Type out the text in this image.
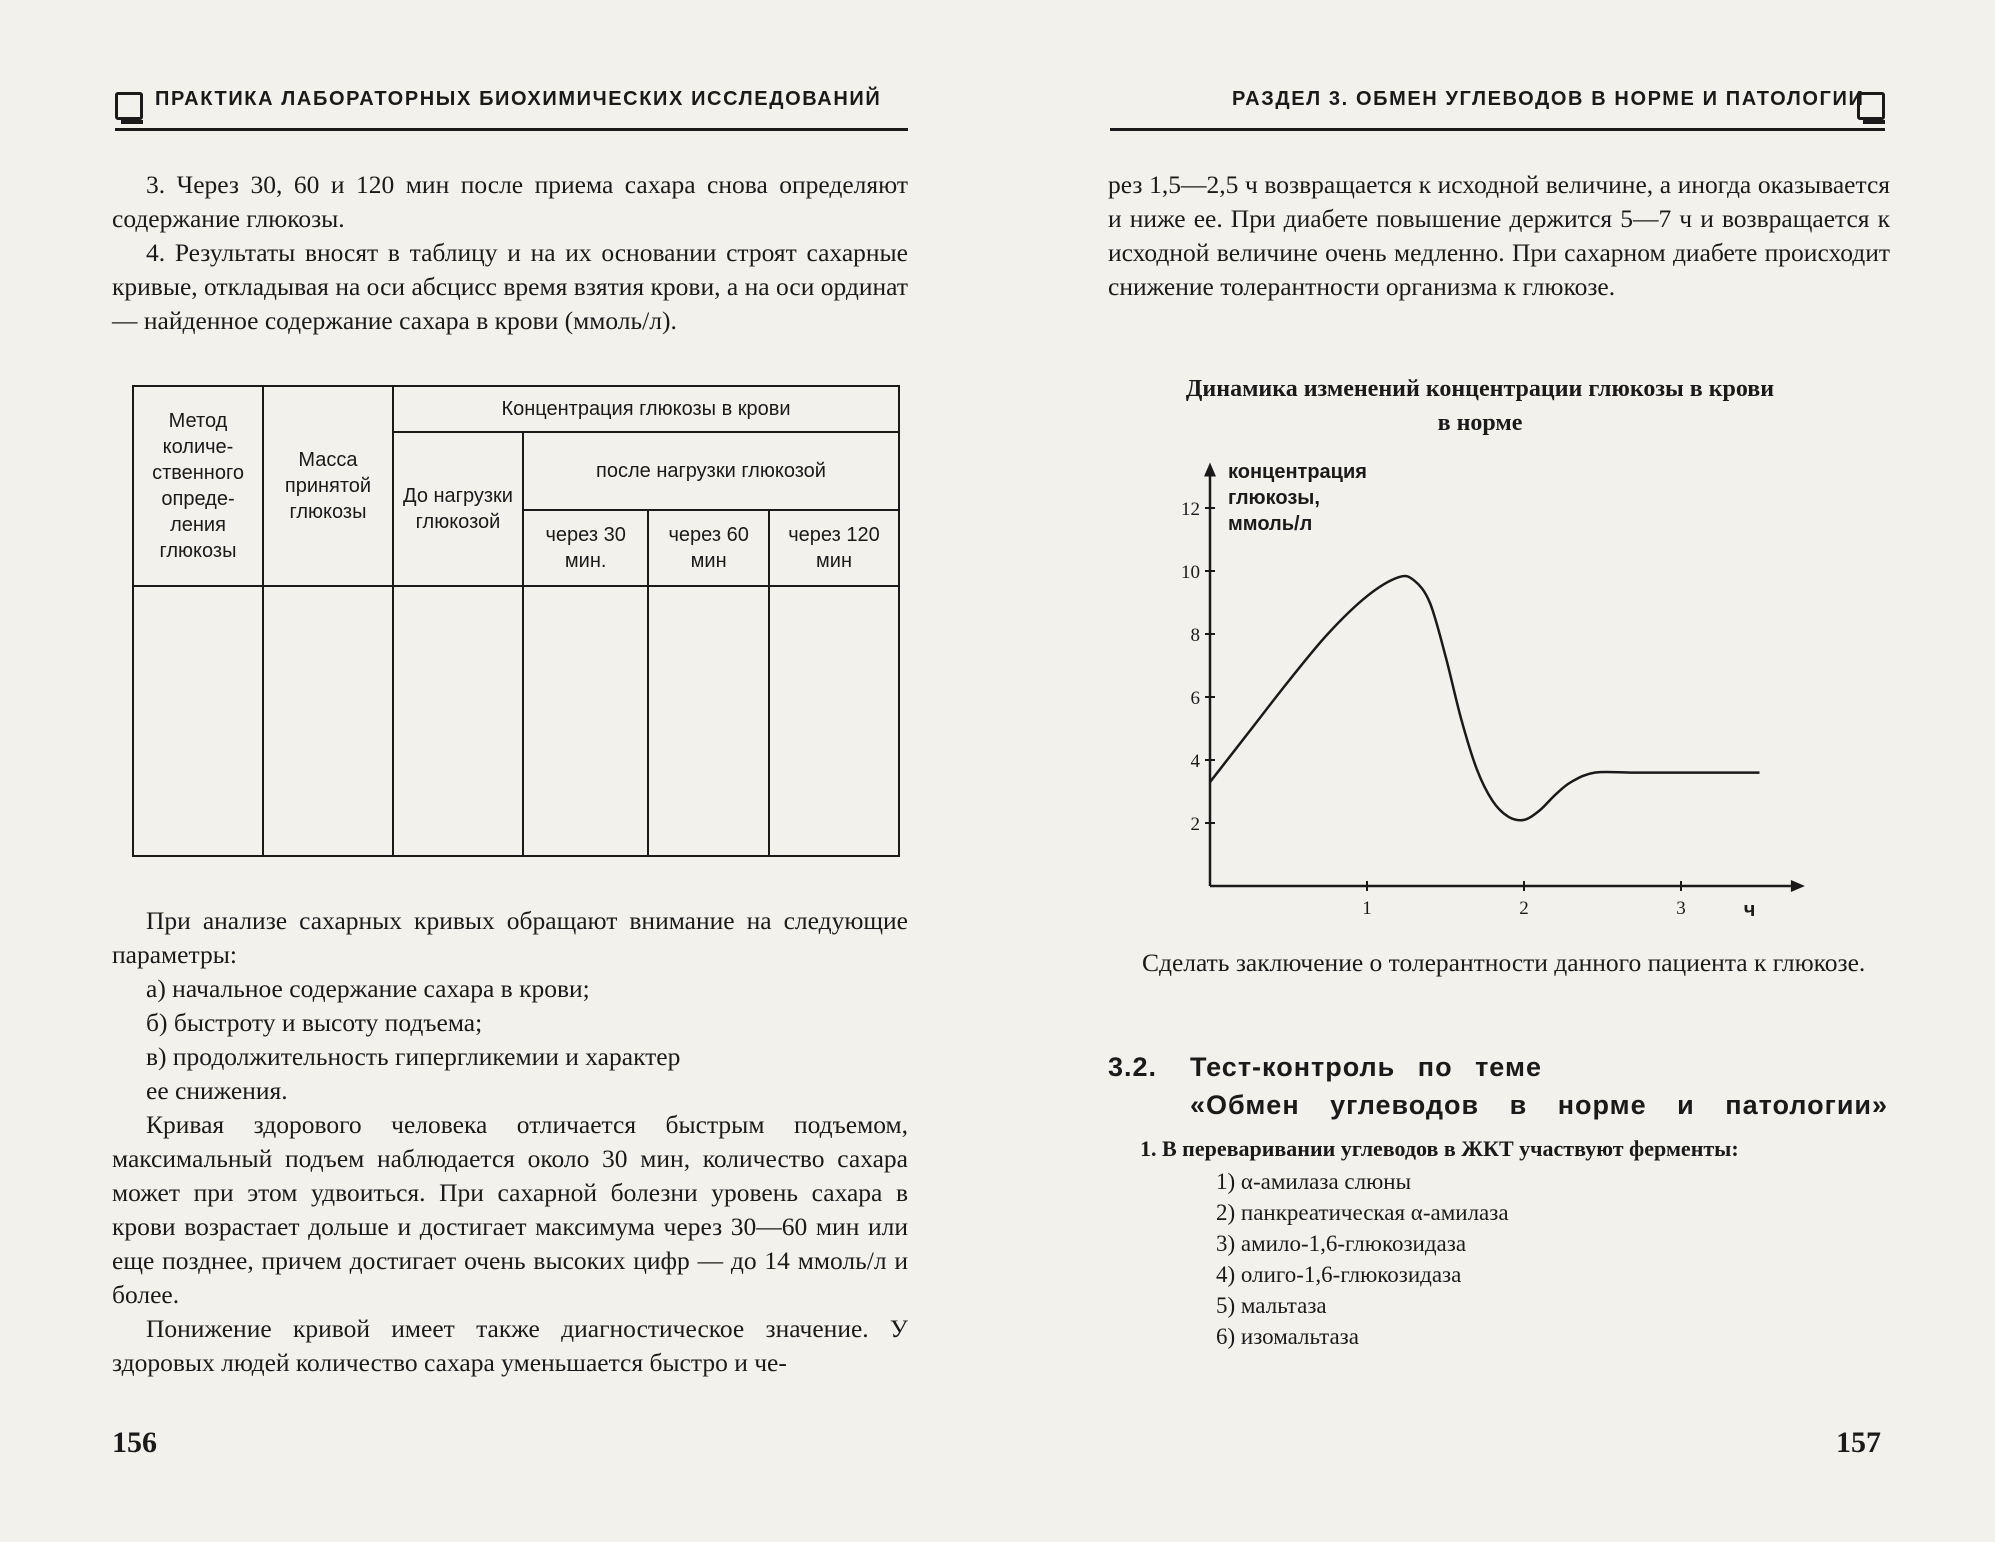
ПРАКТИКА ЛАБОРАТОРНЫХ БИОХИМИЧЕСКИХ ИССЛЕДОВАНИЙ

3. Через 30, 60 и 120 мин после приема сахара снова определяют содержание глюкозы.

4. Результаты вносят в таблицу и на их основании строят сахарные кривые, откладывая на оси абсцисс время взятия крови, а на оси ординат — найденное содержание сахара в крови (ммоль/л).

Метод количе-ственного опреде-ления глюкозы	Масса принятой глюкозы	Концентрация глюкозы в крови			
		До нагрузки глюкозой	после нагрузки глюкозой		
			через 30 мин.	через 60 мин	через 120 мин

При анализе сахарных кривых обращают внимание на следующие параметры:

а) начальное содержание сахара в крови;

б) быстроту и высоту подъема;

в) продолжительность гипергликемии и характер

ее снижения.

Кривая здорового человека отличается быстрым подъемом, максимальный подъем наблюдается около 30 мин, количество сахара может при этом удвоиться. При сахарной болезни уровень сахара в крови возрастает дольше и достигает максимума через 30—60 мин или еще позднее, причем достигает очень высоких цифр — до 14 ммоль/л и более.

Понижение кривой имеет также диагностическое значение. У здоровых людей количество сахара уменьшается быстро и че-

156
РАЗДЕЛ 3. ОБМЕН УГЛЕВОДОВ В НОРМЕ И ПАТОЛОГИИ

рез 1,5—2,5 ч возвращается к исходной величине, а иногда оказывается и ниже ее. При диабете повышение держится 5—7 ч и возвращается к исходной величине очень медленно. При сахарном диабете происходит снижение толерантности организма к глюкозе.

Динамика изменений концентрации глюкозы в крови
в норме
2
4
6
8
10
12
1	2	3	ч
концентрация
глюкозы,
ммоль/л

Сделать заключение о толерантности данного пациента к глюкозе.

3.2. Тест-контроль по теме
«Обмен углеводов в норме и патологии»
1. В переваривании углеводов в ЖКТ участвуют ферменты:
1) α-амилаза слюны
2) панкреатическая α-амилаза
3) амило-1,6-глюкозидаза
4) олиго-1,6-глюкозидаза
5) мальтаза
6) изомальтаза
157
